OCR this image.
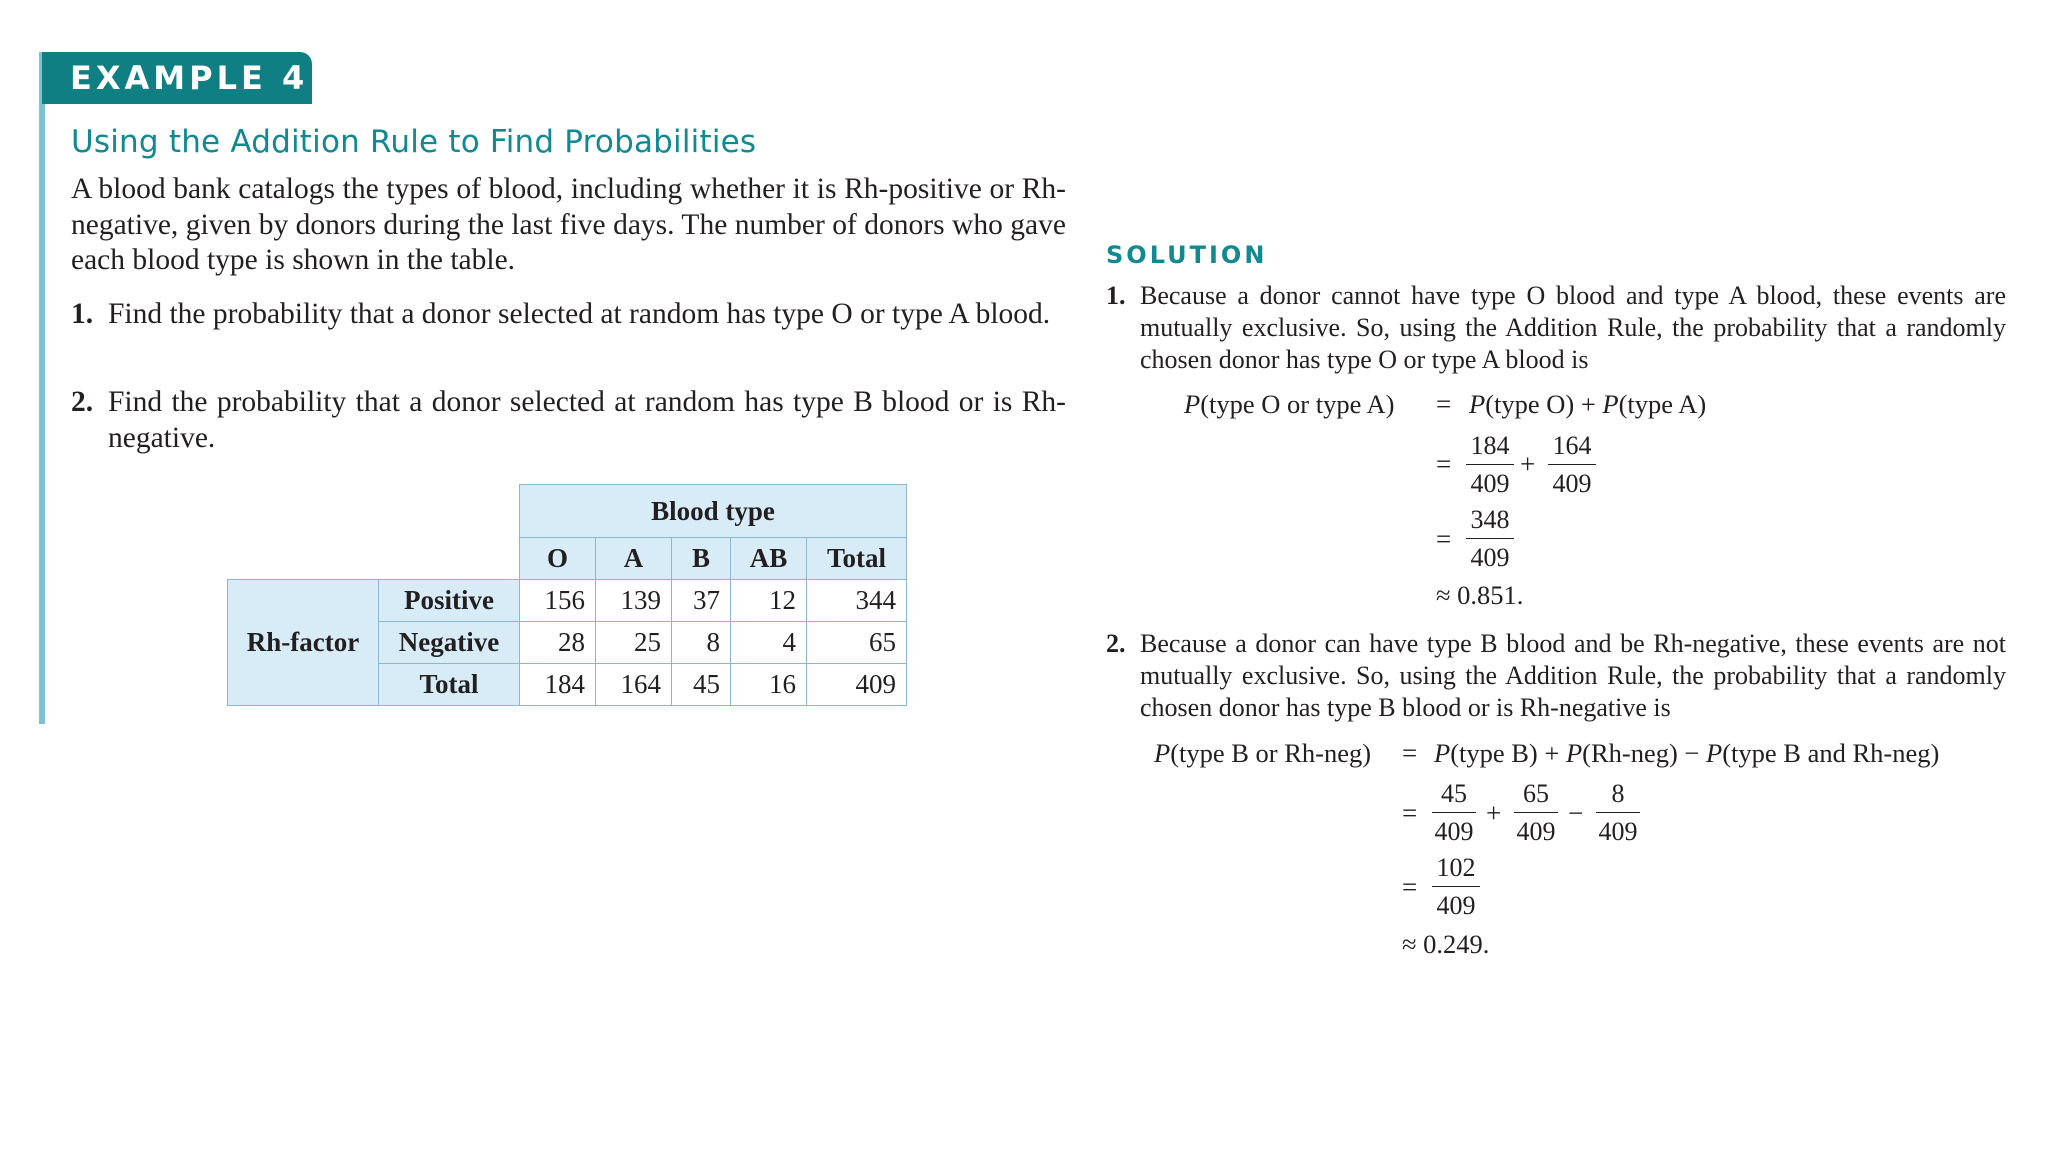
EXAMPLE 4
Using the Addition Rule to Find Probabilities
A blood bank catalogs the types of blood, including whether it is Rh-positive or Rh-negative, given by donors during the last five days. The number of donors who gave each blood type is shown in the table.
1. Find the probability that a donor selected at random has type O or type A blood.
2. Find the probability that a donor selected at random has type B blood or is Rh-negative.
		Blood type				
		O	A	B	AB	Total
Rh-factor	Positive	156	139	37	12	344
	Negative	28	25	8	4	65
	Total	184	164	45	16	409
SOLUTION
1. Because a donor cannot have type O blood and type A blood, these events are mutually exclusive. So, using the Addition Rule, the probability that a randomly chosen donor has type O or type A blood is
P(type O or type A) = P(type O) + P(type A)
= $\frac{184}{409} + \frac{164}{409}$
= $\frac{348}{409}$
≈ 0.851.
2. Because a donor can have type B blood and be Rh-negative, these events are not mutually exclusive. So, using the Addition Rule, the probability that a randomly chosen donor has type B blood or is Rh-negative is
P(type B or Rh-neg) = P(type B) + P(Rh-neg) − P(type B and Rh-neg)
= $\frac{45}{409} + \frac{65}{409} - \frac{8}{409}$
= $\frac{102}{409}$
≈ 0.249.
